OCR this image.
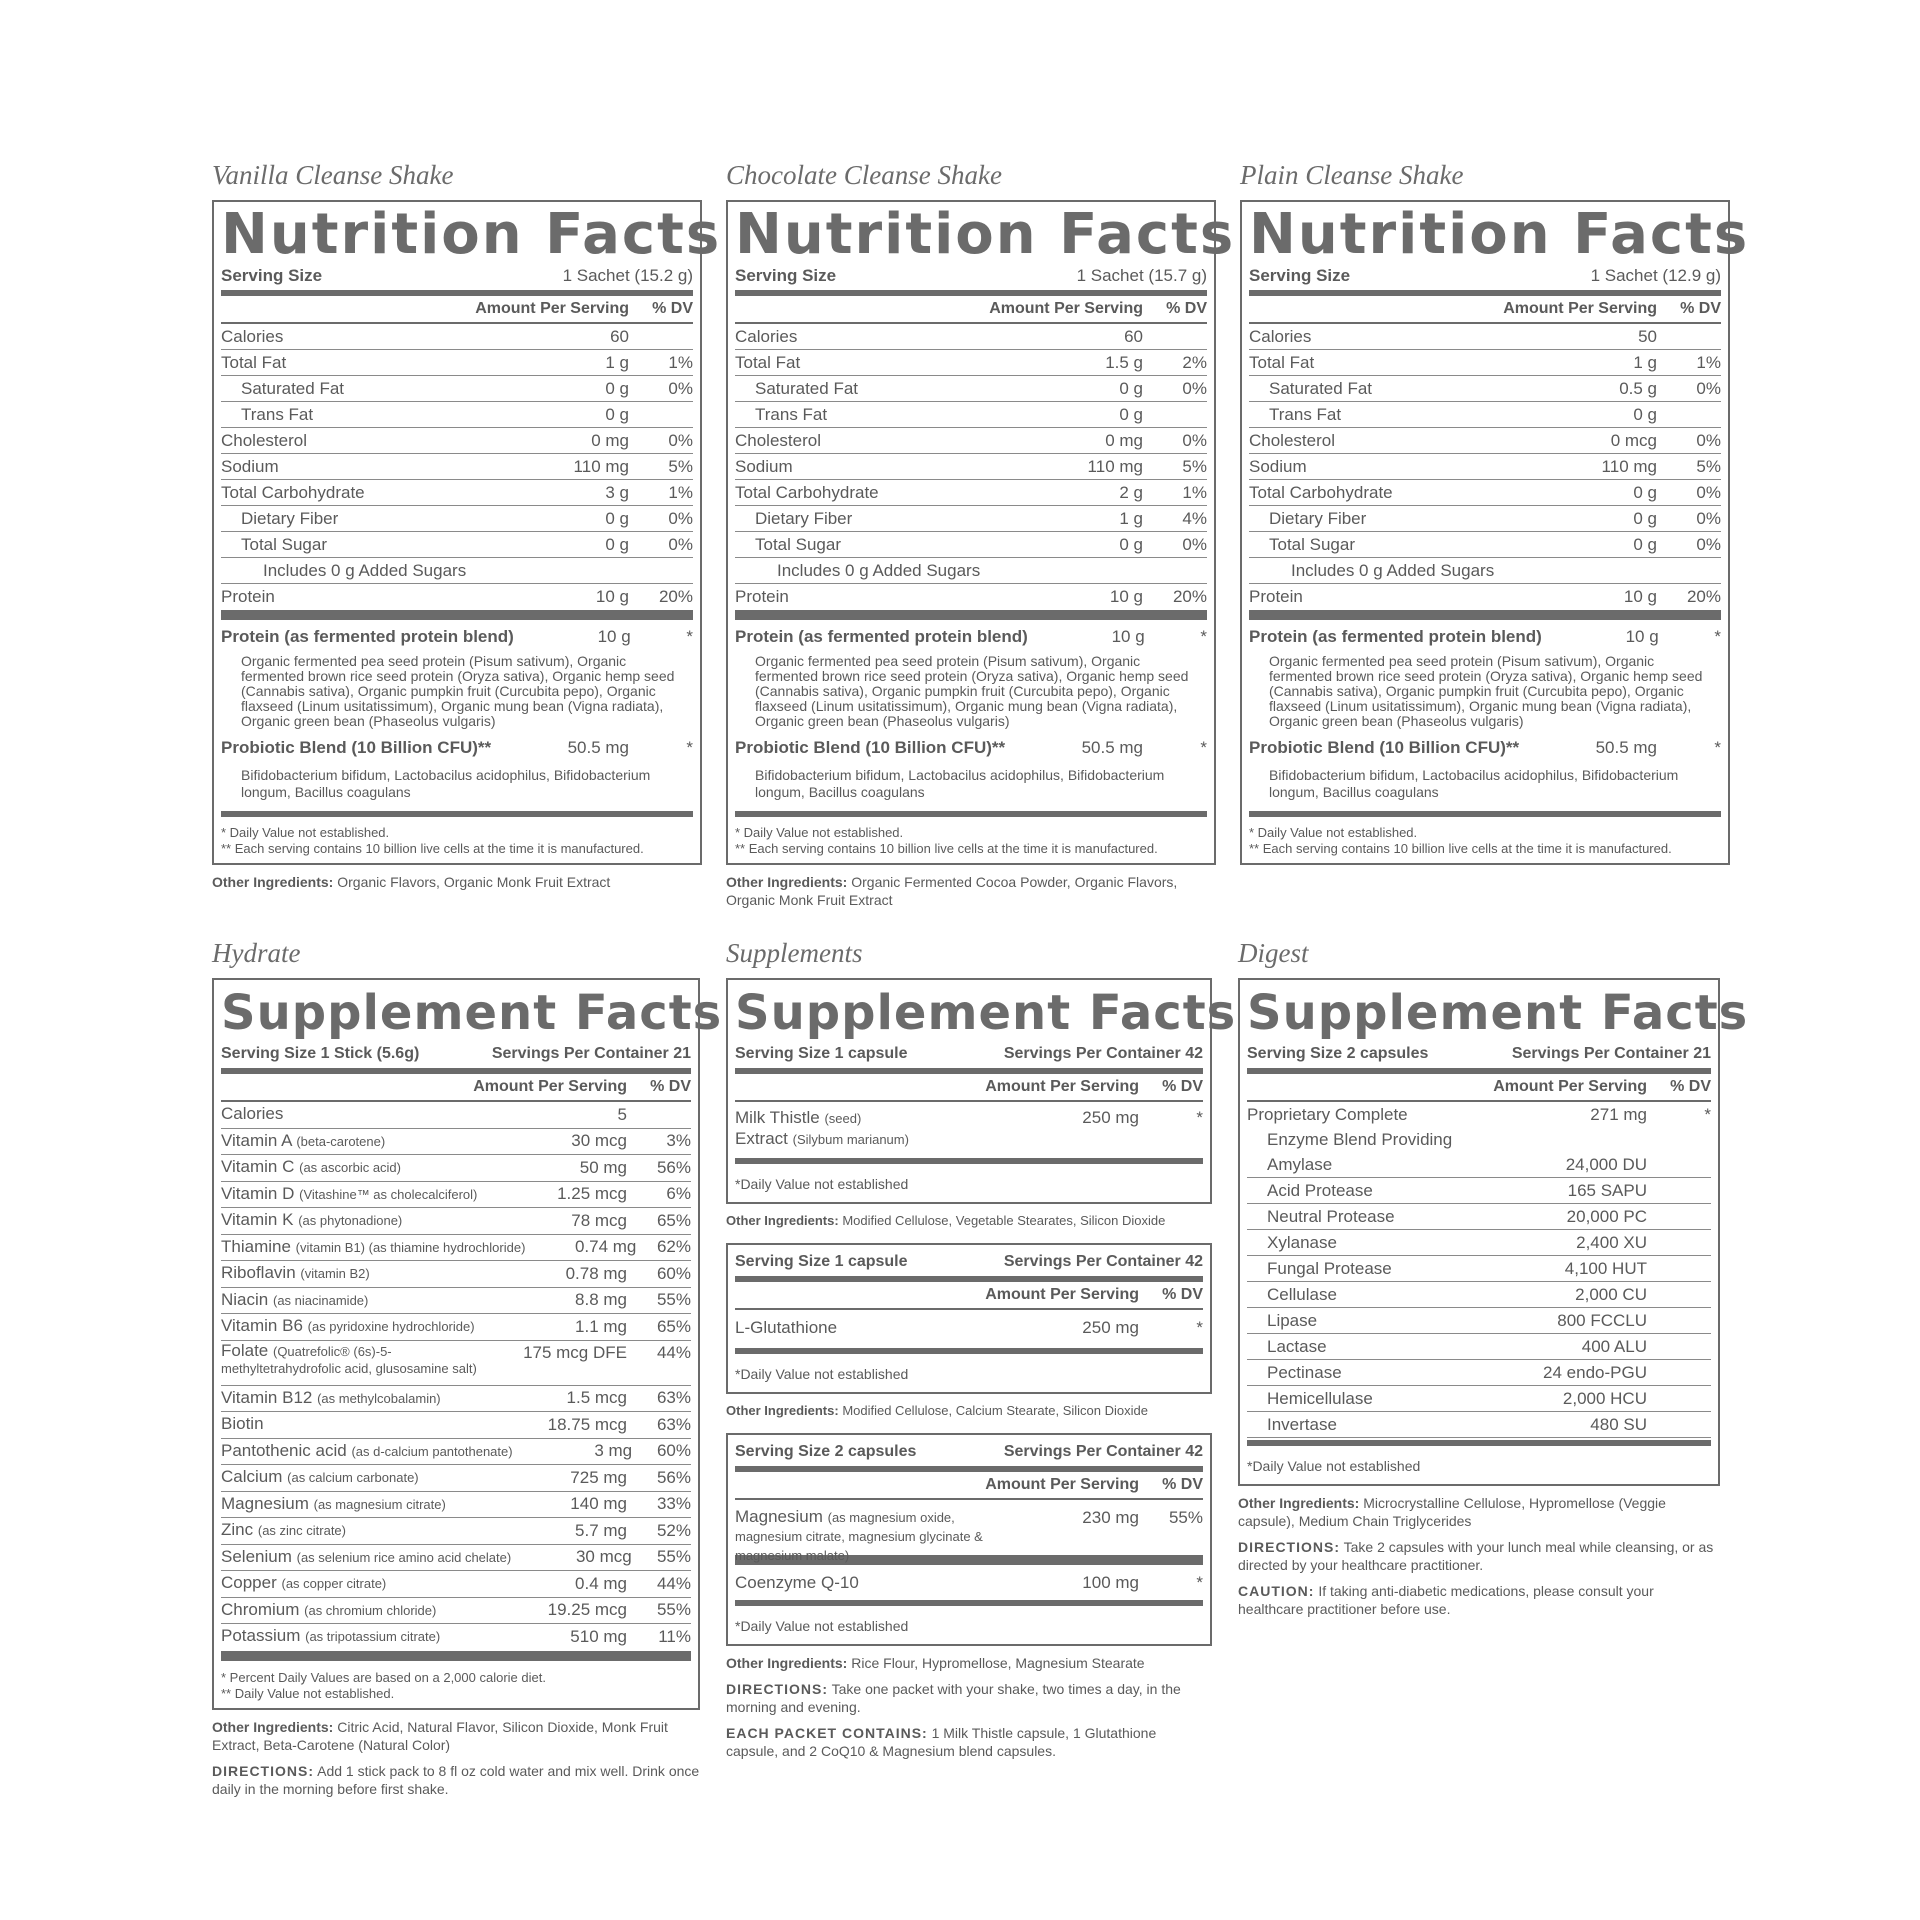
Vanilla Cleanse Shake
Nutrition Facts
Serving Size	1 Sachet (15.2 g)
Amount Per Serving	% DV
Calories	60
Total Fat	1 g	1%
Saturated Fat	0 g	0%
Trans Fat	0 g
Cholesterol	0 mg	0%
Sodium	110 mg	5%
Total Carbohydrate	3 g	1%
Dietary Fiber	0 g	0%
Total Sugar	0 g	0%
Includes 0 g Added Sugars
Protein	10 g	20%
Protein (as fermented protein blend)	10 g	*
Organic fermented pea seed protein (Pisum sativum), Organic fermented brown rice seed protein (Oryza sativa), Organic hemp seed (Cannabis sativa), Organic pumpkin fruit (Curcubita pepo), Organic flaxseed (Linum usitatissimum), Organic mung bean (Vigna radiata), Organic green bean (Phaseolus vulgaris)
Probiotic Blend (10 Billion CFU)**	50.5 mg	*
Bifidobacterium bifidum, Lactobacilus acidophilus, Bifidobacterium longum, Bacillus coagulans
* Daily Value not established.
** Each serving contains 10 billion live cells at the time it is manufactured.
Other Ingredients: Organic Flavors, Organic Monk Fruit Extract
Chocolate Cleanse Shake
Nutrition Facts
Serving Size	1 Sachet (15.7 g)
Amount Per Serving	% DV
Calories	60
Total Fat	1.5 g	2%
Saturated Fat	0 g	0%
Trans Fat	0 g
Cholesterol	0 mg	0%
Sodium	110 mg	5%
Total Carbohydrate	2 g	1%
Dietary Fiber	1 g	4%
Total Sugar	0 g	0%
Includes 0 g Added Sugars
Protein	10 g	20%
Protein (as fermented protein blend)	10 g	*
Organic fermented pea seed protein (Pisum sativum), Organic fermented brown rice seed protein (Oryza sativa), Organic hemp seed (Cannabis sativa), Organic pumpkin fruit (Curcubita pepo), Organic flaxseed (Linum usitatissimum), Organic mung bean (Vigna radiata), Organic green bean (Phaseolus vulgaris)
Probiotic Blend (10 Billion CFU)**	50.5 mg	*
Bifidobacterium bifidum, Lactobacilus acidophilus, Bifidobacterium longum, Bacillus coagulans
* Daily Value not established.
** Each serving contains 10 billion live cells at the time it is manufactured.
Other Ingredients: Organic Fermented Cocoa Powder, Organic Flavors, Organic Monk Fruit Extract
Plain Cleanse Shake
Nutrition Facts
Serving Size	1 Sachet (12.9 g)
Amount Per Serving	% DV
Calories	50
Total Fat	1 g	1%
Saturated Fat	0.5 g	0%
Trans Fat	0 g
Cholesterol	0 mcg	0%
Sodium	110 mg	5%
Total Carbohydrate	0 g	0%
Dietary Fiber	0 g	0%
Total Sugar	0 g	0%
Includes 0 g Added Sugars
Protein	10 g	20%
Protein (as fermented protein blend)	10 g	*
Organic fermented pea seed protein (Pisum sativum), Organic fermented brown rice seed protein (Oryza sativa), Organic hemp seed (Cannabis sativa), Organic pumpkin fruit (Curcubita pepo), Organic flaxseed (Linum usitatissimum), Organic mung bean (Vigna radiata), Organic green bean (Phaseolus vulgaris)
Probiotic Blend (10 Billion CFU)**	50.5 mg	*
Bifidobacterium bifidum, Lactobacilus acidophilus, Bifidobacterium longum, Bacillus coagulans
* Daily Value not established.
** Each serving contains 10 billion live cells at the time it is manufactured.
Hydrate
Supplement Facts
Serving Size 1 Stick (5.6g)	Servings Per Container 21
Amount Per Serving	% DV
Calories	5
Vitamin A (beta-carotene)	30 mcg	3%
Vitamin C (as ascorbic acid)	50 mg	56%
Vitamin D (Vitashine™ as cholecalciferol)	1.25 mcg	6%
Vitamin K (as phytonadione)	78 mcg	65%
Thiamine (vitamin B1) (as thiamine hydrochloride)	0.74 mg	62%
Riboflavin (vitamin B2)	0.78 mg	60%
Niacin (as niacinamide)	8.8 mg	55%
Vitamin B6 (as pyridoxine hydrochloride)	1.1 mg	65%
Folate (Quatrefolic® (6s)-5-methyltetrahydrofolic acid, glusosamine salt)
175 mcg DFE	44%
Vitamin B12 (as methylcobalamin)	1.5 mcg	63%
Biotin	18.75 mcg	63%
Pantothenic acid (as d-calcium pantothenate)	3 mg	60%
Calcium (as calcium carbonate)	725 mg	56%
Magnesium (as magnesium citrate)	140 mg	33%
Zinc (as zinc citrate)	5.7 mg	52%
Selenium (as selenium rice amino acid chelate)	30 mcg	55%
Copper (as copper citrate)	0.4 mg	44%
Chromium (as chromium chloride)	19.25 mcg	55%
Potassium (as tripotassium citrate)	510 mg	11%
* Percent Daily Values are based on a 2,000 calorie diet.
** Daily Value not established.
Other Ingredients: Citric Acid, Natural Flavor, Silicon Dioxide, Monk Fruit Extract, Beta-Carotene (Natural Color)
DIRECTIONS: Add 1 stick pack to 8 fl oz cold water and mix well. Drink once daily in the morning before first shake.
Supplements
Supplement Facts
Serving Size 1 capsule	Servings Per Container 42
Amount Per Serving	% DV
Milk Thistle (seed)
Extract (Silybum marianum)
250 mg	*
*Daily Value not established
Other Ingredients: Modified Cellulose, Vegetable Stearates, Silicon Dioxide
Serving Size 1 capsule	Servings Per Container 42
Amount Per Serving	% DV
L-Glutathione	250 mg	*
*Daily Value not established
Other Ingredients: Modified Cellulose, Calcium Stearate, Silicon Dioxide
Serving Size 2 capsules	Servings Per Container 42
Amount Per Serving	% DV
Magnesium (as magnesium oxide, magnesium citrate, magnesium glycinate & magnesium malate)
230 mg	55%
Coenzyme Q-10	100 mg	*
*Daily Value not established
Other Ingredients: Rice Flour, Hypromellose, Magnesium Stearate
DIRECTIONS: Take one packet with your shake, two times a day, in the morning and evening.
EACH PACKET CONTAINS: 1 Milk Thistle capsule, 1 Glutathione capsule, and 2 CoQ10 & Magnesium blend capsules.
Digest
Supplement Facts
Serving Size 2 capsules	Servings Per Container 21
Amount Per Serving	% DV
Proprietary Complete	271 mg	*
Enzyme Blend Providing
Amylase	24,000 DU
Acid Protease	165 SAPU
Neutral Protease	20,000 PC
Xylanase	2,400 XU
Fungal Protease	4,100 HUT
Cellulase	2,000 CU
Lipase	800 FCCLU
Lactase	400 ALU
Pectinase	24 endo-PGU
Hemicellulase	2,000 HCU
Invertase	480 SU
*Daily Value not established
Other Ingredients: Microcrystalline Cellulose, Hypromellose (Veggie capsule), Medium Chain Triglycerides
DIRECTIONS: Take 2 capsules with your lunch meal while cleansing, or as directed by your healthcare practitioner.
CAUTION: If taking anti-diabetic medications, please consult your healthcare practitioner before use.
